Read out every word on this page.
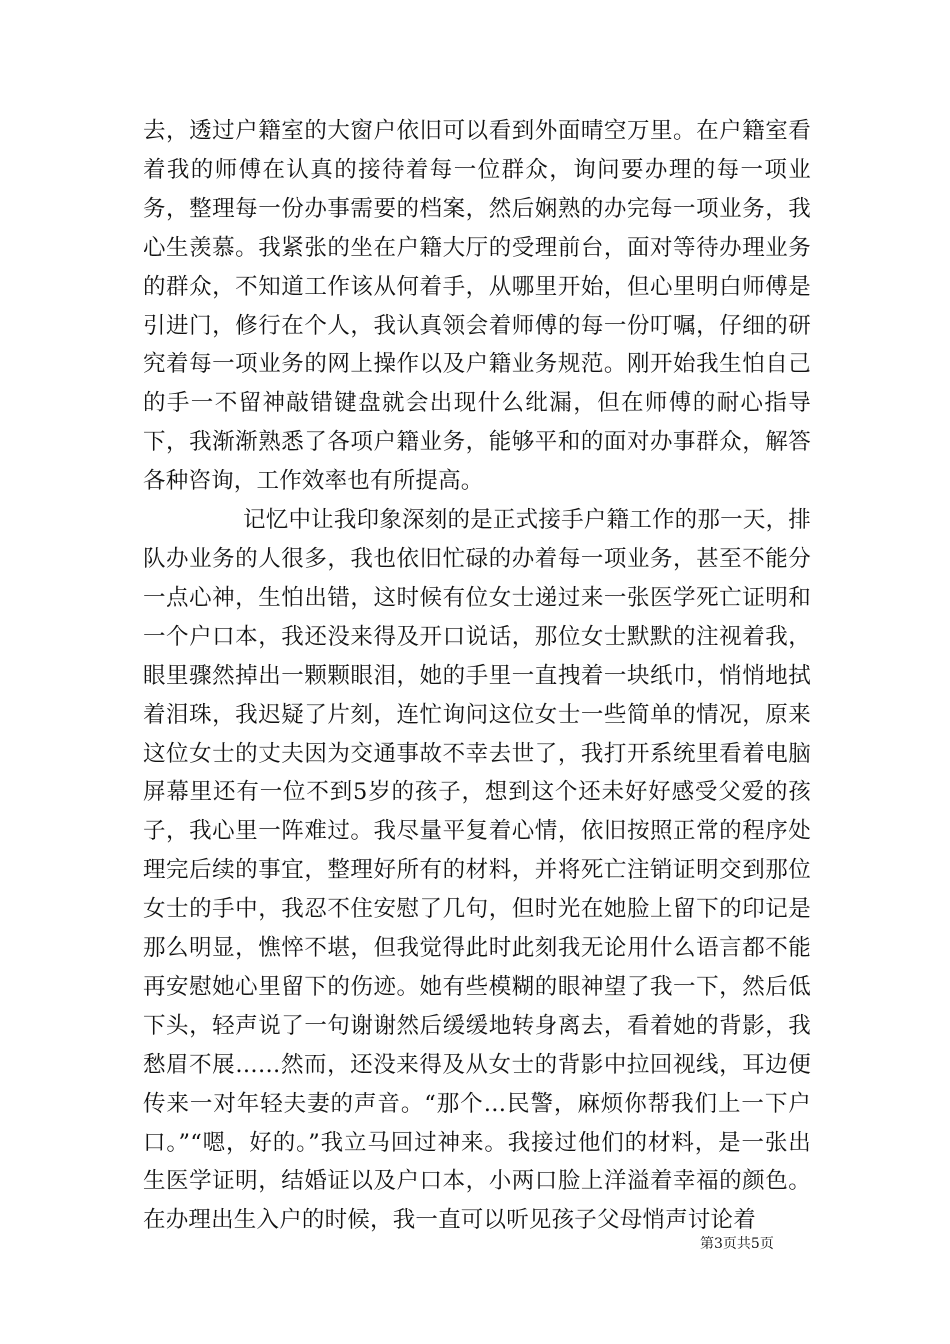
去，透过户籍室的大窗户依旧可以看到外面晴空万里。在户籍室看着我的师傅在认真的接待着每一位群众，询问要办理的每一项业务，整理每一份办事需要的档案，然后娴熟的办完每一项业务，我心生羡慕。我紧张的坐在户籍大厅的受理前台，面对等待办理业务的群众，不知道工作该从何着手，从哪里开始，但心里明白师傅是引进门，修行在个人，我认真领会着师傅的每一份叮嘱，仔细的研究着每一项业务的网上操作以及户籍业务规范。刚开始我生怕自己的手一不留神敲错键盘就会出现什么纰漏，但在师傅的耐心指导下，我渐渐熟悉了各项户籍业务，能够平和的面对办事群众，解答各种咨询，工作效率也有所提高。

记忆中让我印象深刻的是正式接手户籍工作的那一天，排队办业务的人很多，我也依旧忙碌的办着每一项业务，甚至不能分一点心神，生怕出错，这时候有位女士递过来一张医学死亡证明和一个户口本，我还没来得及开口说话，那位女士默默的注视着我，眼里骤然掉出一颗颗眼泪，她的手里一直拽着一块纸巾，悄悄地拭着泪珠，我迟疑了片刻，连忙询问这位女士一些简单的情况，原来这位女士的丈夫因为交通事故不幸去世了，我打开系统里看着电脑屏幕里还有一位不到5岁的孩子，想到这个还未好好感受父爱的孩子，我心里一阵难过。我尽量平复着心情，依旧按照正常的程序处理完后续的事宜，整理好所有的材料，并将死亡注销证明交到那位女士的手中，我忍不住安慰了几句，但时光在她脸上留下的印记是那么明显，憔悴不堪，但我觉得此时此刻我无论用什么语言都不能再安慰她心里留下的伤迹。她有些模糊的眼神望了我一下，然后低下头，轻声说了一句谢谢然后缓缓地转身离去，看着她的背影，我愁眉不展……然而，还没来得及从女士的背影中拉回视线，耳边便传来一对年轻夫妻的声音。“那个…民警，麻烦你帮我们上一下户口。”“嗯，好的。”我立马回过神来。我接过他们的材料，是一张出生医学证明，结婚证以及户口本，小两口脸上洋溢着幸福的颜色。在办理出生入户的时候，我一直可以听见孩子父母悄声讨论着

第3页共5页
